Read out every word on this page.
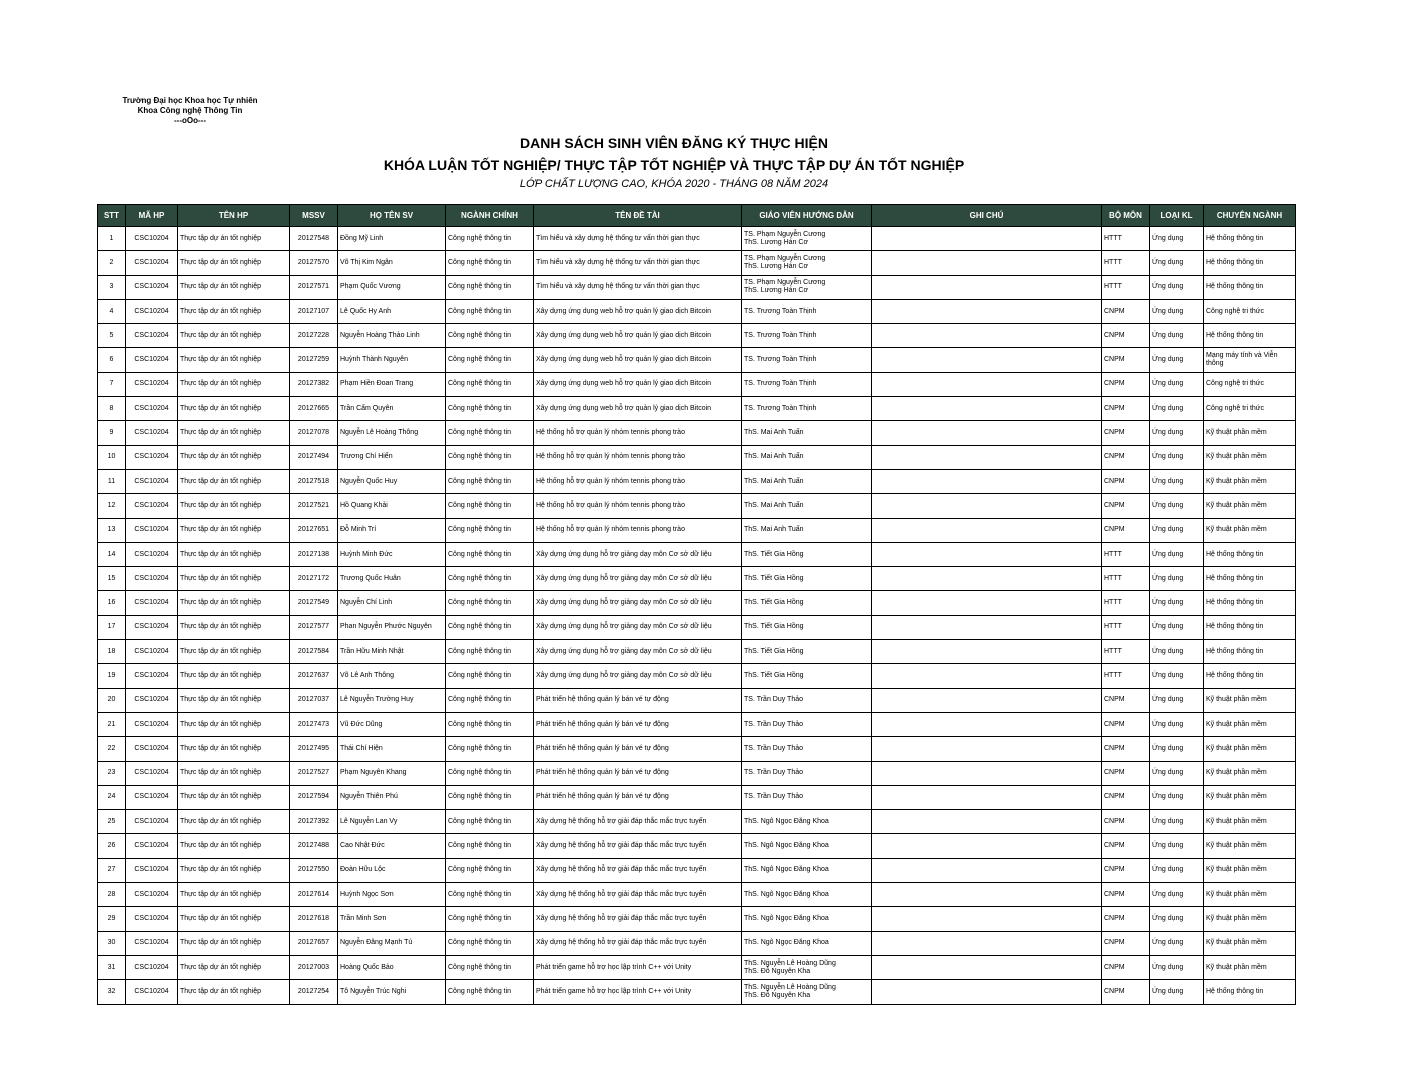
Trường Đại học Khoa học Tự nhiên
Khoa Công nghệ Thông Tin
---oOo---
DANH SÁCH SINH VIÊN ĐĂNG KÝ THỰC HIỆN
KHÓA LUẬN TỐT NGHIỆP/ THỰC TẬP TỐT NGHIỆP VÀ THỰC TẬP DỰ ÁN TỐT NGHIỆP
LỚP CHẤT LƯỢNG CAO, KHÓA 2020 - THÁNG 08 NĂM 2024
STT	MÃ HP	TÊN HP	MSSV	HỌ TÊN SV	NGÀNH CHÍNH	TÊN ĐỀ TÀI	GIÁO VIÊN HƯỚNG DẪN	GHI CHÚ	BỘ MÔN	LOẠI KL	CHUYÊN NGÀNH
1	CSC10204	Thực tập dự án tốt nghiệp	20127548	Đồng Mỹ Linh	Công nghệ thông tin	Tìm hiểu và xây dựng hệ thống tư vấn thời gian thực	TS. Phạm Nguyễn Cương
ThS. Lương Hán Cơ		HTTT	Ứng dụng	Hệ thống thông tin
2	CSC10204	Thực tập dự án tốt nghiệp	20127570	Võ Thị Kim Ngân	Công nghệ thông tin	Tìm hiểu và xây dựng hệ thống tư vấn thời gian thực	TS. Phạm Nguyễn Cương
ThS. Lương Hán Cơ		HTTT	Ứng dụng	Hệ thống thông tin
3	CSC10204	Thực tập dự án tốt nghiệp	20127571	Phạm Quốc Vương	Công nghệ thông tin	Tìm hiểu và xây dựng hệ thống tư vấn thời gian thực	TS. Phạm Nguyễn Cương
ThS. Lương Hán Cơ		HTTT	Ứng dụng	Hệ thống thông tin
4	CSC10204	Thực tập dự án tốt nghiệp	20127107	Lê Quốc Hy Anh	Công nghệ thông tin	Xây dựng ứng dụng web hỗ trợ quản lý giao dịch Bitcoin	TS. Trương Toàn Thịnh		CNPM	Ứng dụng	Công nghệ tri thức
5	CSC10204	Thực tập dự án tốt nghiệp	20127228	Nguyễn Hoàng Thảo Linh	Công nghệ thông tin	Xây dựng ứng dụng web hỗ trợ quản lý giao dịch Bitcoin	TS. Trương Toàn Thịnh		CNPM	Ứng dụng	Hệ thống thông tin
6	CSC10204	Thực tập dự án tốt nghiệp	20127259	Huỳnh Thành Nguyên	Công nghệ thông tin	Xây dựng ứng dụng web hỗ trợ quản lý giao dịch Bitcoin	TS. Trương Toàn Thịnh		CNPM	Ứng dụng	Mạng máy tính và Viễn thông
7	CSC10204	Thực tập dự án tốt nghiệp	20127382	Phạm Hiền Đoan Trang	Công nghệ thông tin	Xây dựng ứng dụng web hỗ trợ quản lý giao dịch Bitcoin	TS. Trương Toàn Thịnh		CNPM	Ứng dụng	Công nghệ tri thức
8	CSC10204	Thực tập dự án tốt nghiệp	20127665	Trần Cẩm Quyên	Công nghệ thông tin	Xây dựng ứng dụng web hỗ trợ quản lý giao dịch Bitcoin	TS. Trương Toàn Thịnh		CNPM	Ứng dụng	Công nghệ tri thức
9	CSC10204	Thực tập dự án tốt nghiệp	20127078	Nguyễn Lê Hoàng Thông	Công nghệ thông tin	Hệ thống hỗ trợ quản lý nhóm tennis phong trào	ThS. Mai Anh Tuấn		CNPM	Ứng dụng	Kỹ thuật phần mềm
10	CSC10204	Thực tập dự án tốt nghiệp	20127494	Trương Chí Hiển	Công nghệ thông tin	Hệ thống hỗ trợ quản lý nhóm tennis phong trào	ThS. Mai Anh Tuấn		CNPM	Ứng dụng	Kỹ thuật phần mềm
11	CSC10204	Thực tập dự án tốt nghiệp	20127518	Nguyễn Quốc Huy	Công nghệ thông tin	Hệ thống hỗ trợ quản lý nhóm tennis phong trào	ThS. Mai Anh Tuấn		CNPM	Ứng dụng	Kỹ thuật phần mềm
12	CSC10204	Thực tập dự án tốt nghiệp	20127521	Hồ Quang Khải	Công nghệ thông tin	Hệ thống hỗ trợ quản lý nhóm tennis phong trào	ThS. Mai Anh Tuấn		CNPM	Ứng dụng	Kỹ thuật phần mềm
13	CSC10204	Thực tập dự án tốt nghiệp	20127651	Đỗ Minh Trí	Công nghệ thông tin	Hệ thống hỗ trợ quản lý nhóm tennis phong trào	ThS. Mai Anh Tuấn		CNPM	Ứng dụng	Kỹ thuật phần mềm
14	CSC10204	Thực tập dự án tốt nghiệp	20127138	Huỳnh Minh Đức	Công nghệ thông tin	Xây dựng ứng dụng hỗ trợ giảng dạy môn Cơ sở dữ liệu	ThS. Tiết Gia Hồng		HTTT	Ứng dụng	Hệ thống thông tin
15	CSC10204	Thực tập dự án tốt nghiệp	20127172	Trương Quốc Huân	Công nghệ thông tin	Xây dựng ứng dụng hỗ trợ giảng dạy môn Cơ sở dữ liệu	ThS. Tiết Gia Hồng		HTTT	Ứng dụng	Hệ thống thông tin
16	CSC10204	Thực tập dự án tốt nghiệp	20127549	Nguyễn Chí Linh	Công nghệ thông tin	Xây dựng ứng dụng hỗ trợ giảng dạy môn Cơ sở dữ liệu	ThS. Tiết Gia Hồng		HTTT	Ứng dụng	Hệ thống thông tin
17	CSC10204	Thực tập dự án tốt nghiệp	20127577	Phan Nguyễn Phước Nguyên	Công nghệ thông tin	Xây dựng ứng dụng hỗ trợ giảng dạy môn Cơ sở dữ liệu	ThS. Tiết Gia Hồng		HTTT	Ứng dụng	Hệ thống thông tin
18	CSC10204	Thực tập dự án tốt nghiệp	20127584	Trần Hữu Minh Nhật	Công nghệ thông tin	Xây dựng ứng dụng hỗ trợ giảng dạy môn Cơ sở dữ liệu	ThS. Tiết Gia Hồng		HTTT	Ứng dụng	Hệ thống thông tin
19	CSC10204	Thực tập dự án tốt nghiệp	20127637	Võ Lê Anh Thông	Công nghệ thông tin	Xây dựng ứng dụng hỗ trợ giảng dạy môn Cơ sở dữ liệu	ThS. Tiết Gia Hồng		HTTT	Ứng dụng	Hệ thống thông tin
20	CSC10204	Thực tập dự án tốt nghiệp	20127037	Lê Nguyễn Trường Huy	Công nghệ thông tin	Phát triển hệ thống quản lý bán vé tự động	TS. Trần Duy Thảo		CNPM	Ứng dụng	Kỹ thuật phần mềm
21	CSC10204	Thực tập dự án tốt nghiệp	20127473	Vũ Đức Dũng	Công nghệ thông tin	Phát triển hệ thống quản lý bán vé tự động	TS. Trần Duy Thảo		CNPM	Ứng dụng	Kỹ thuật phần mềm
22	CSC10204	Thực tập dự án tốt nghiệp	20127495	Thái Chí Hiện	Công nghệ thông tin	Phát triển hệ thống quản lý bán vé tự động	TS. Trần Duy Thảo		CNPM	Ứng dụng	Kỹ thuật phần mềm
23	CSC10204	Thực tập dự án tốt nghiệp	20127527	Phạm Nguyên Khang	Công nghệ thông tin	Phát triển hệ thống quản lý bán vé tự động	TS. Trần Duy Thảo		CNPM	Ứng dụng	Kỹ thuật phần mềm
24	CSC10204	Thực tập dự án tốt nghiệp	20127594	Nguyễn Thiên Phú	Công nghệ thông tin	Phát triển hệ thống quản lý bán vé tự động	TS. Trần Duy Thảo		CNPM	Ứng dụng	Kỹ thuật phần mềm
25	CSC10204	Thực tập dự án tốt nghiệp	20127392	Lê Nguyễn Lan Vy	Công nghệ thông tin	Xây dựng hệ thống hỗ trợ giải đáp thắc mắc trực tuyến	ThS. Ngô Ngọc Đăng Khoa		CNPM	Ứng dụng	Kỹ thuật phần mềm
26	CSC10204	Thực tập dự án tốt nghiệp	20127488	Cao Nhật Đức	Công nghệ thông tin	Xây dựng hệ thống hỗ trợ giải đáp thắc mắc trực tuyến	ThS. Ngô Ngọc Đăng Khoa		CNPM	Ứng dụng	Kỹ thuật phần mềm
27	CSC10204	Thực tập dự án tốt nghiệp	20127550	Đoàn Hữu Lộc	Công nghệ thông tin	Xây dựng hệ thống hỗ trợ giải đáp thắc mắc trực tuyến	ThS. Ngô Ngọc Đăng Khoa		CNPM	Ứng dụng	Kỹ thuật phần mềm
28	CSC10204	Thực tập dự án tốt nghiệp	20127614	Huỳnh Ngọc Sơn	Công nghệ thông tin	Xây dựng hệ thống hỗ trợ giải đáp thắc mắc trực tuyến	ThS. Ngô Ngọc Đăng Khoa		CNPM	Ứng dụng	Kỹ thuật phần mềm
29	CSC10204	Thực tập dự án tốt nghiệp	20127618	Trần Minh Sơn	Công nghệ thông tin	Xây dựng hệ thống hỗ trợ giải đáp thắc mắc trực tuyến	ThS. Ngô Ngọc Đăng Khoa		CNPM	Ứng dụng	Kỹ thuật phần mềm
30	CSC10204	Thực tập dự án tốt nghiệp	20127657	Nguyễn Đăng Mạnh Tú	Công nghệ thông tin	Xây dựng hệ thống hỗ trợ giải đáp thắc mắc trực tuyến	ThS. Ngô Ngọc Đăng Khoa		CNPM	Ứng dụng	Kỹ thuật phần mềm
31	CSC10204	Thực tập dự án tốt nghiệp	20127003	Hoàng Quốc Bảo	Công nghệ thông tin	Phát triển game hỗ trợ học lập trình C++ với Unity	ThS. Nguyễn Lê Hoàng Dũng
ThS. Đỗ Nguyên Kha		CNPM	Ứng dụng	Kỹ thuật phần mềm
32	CSC10204	Thực tập dự án tốt nghiệp	20127254	Tô Nguyễn Trúc Nghi	Công nghệ thông tin	Phát triển game hỗ trợ học lập trình C++ với Unity	ThS. Nguyễn Lê Hoàng Dũng
ThS. Đỗ Nguyên Kha		CNPM	Ứng dụng	Hệ thống thông tin
